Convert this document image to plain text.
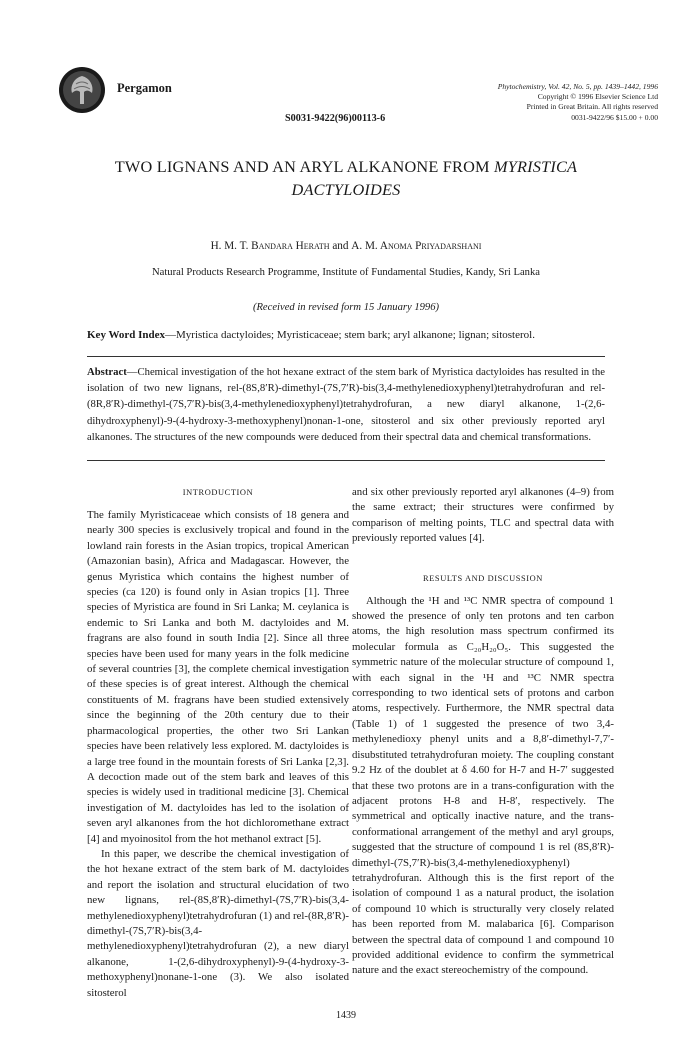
Pergamon	Phytochemistry, Vol. 42, No. 5, pp. 1439–1442, 1996
Copyright © 1996 Elsevier Science Ltd
Printed in Great Britain. All rights reserved
0031-9422/96 $15.00 + 0.00
S0031-9422(96)00113-6
TWO LIGNANS AND AN ARYL ALKANONE FROM MYRISTICA
DACTYLOIDES
H. M. T. Bandara Herath and A. M. Anoma Priyadarshani
Natural Products Research Programme, Institute of Fundamental Studies, Kandy, Sri Lanka
(Received in revised form 15 January 1996)
Key Word Index—Myristica dactyloides; Myristicaceae; stem bark; aryl alkanone; lignan; sitosterol.
Abstract—Chemical investigation of the hot hexane extract of the stem bark of Myristica dactyloides has resulted in the isolation of two new lignans, rel-(8S,8′R)-dimethyl-(7S,7′R)-bis(3,4-methylenedioxyphenyl)tetrahydrofuran and rel-(8R,8′R)-dimethyl-(7S,7′R)-bis(3,4-methylenedioxyphenyl)tetrahydrofuran, a new diaryl alkanone, 1-(2,6-dihydroxyphenyl)-9-(4-hydroxy-3-methoxyphenyl)nonan-1-one, sitosterol and six other previously reported aryl alkanones. The structures of the new compounds were deduced from their spectral data and chemical transformations.
INTRODUCTION

The family Myristicaceae which consists of 18 genera and nearly 300 species is exclusively tropical and found in the lowland rain forests in the Asian tropics, tropical American (Amazonian basin), Africa and Madagascar. However, the genus Myristica which contains the highest number of species (ca 120) is found only in Asian tropics [1]. Three species of Myristica are found in Sri Lanka; M. ceylanica is endemic to Sri Lanka and both M. dactyloides and M. fragrans are also found in south India [2]. Since all three species have been used for many years in the folk medicine of several countries [3], the complete chemical investigation of these species is of great interest. Although the chemical constituents of M. fragrans have been studied extensively since the beginning of the 20th century due to their pharmacological properties, the other two Sri Lankan species have been relatively less explored. M. dactyloides is a large tree found in the mountain forests of Sri Lanka [2,3]. A decoction made out of the stem bark and leaves of this species is widely used in traditional medicine [3]. Chemical investigation of M. dactyloides has led to the isolation of seven aryl alkanones from the hot dichloromethane extract [4] and myoinositol from the hot methanol extract [5].

In this paper, we describe the chemical investigation of the hot hexane extract of the stem bark of M. dactyloides and report the isolation and structural elucidation of two new lignans, rel-(8S,8′R)-dimethyl-(7S,7′R)-bis(3,4-methylenedioxyphenyl)tetrahydrofuran (1) and rel-(8R,8′R)-dimethyl-(7S,7′R)-bis(3,4-methylenedioxyphenyl)tetrahydrofuran (2), a new diaryl alkanone, 1-(2,6-dihydroxyphenyl)-9-(4-hydroxy-3-methoxyphenyl)nonane-1-one (3). We also isolated sitosterol

and six other previously reported aryl alkanones (4–9) from the same extract; their structures were confirmed by comparison of melting points, TLC and spectral data with previously reported values [4].

RESULTS AND DISCUSSION

Although the ¹H and ¹³C NMR spectra of compound 1 showed the presence of only ten protons and ten carbon atoms, the high resolution mass spectrum confirmed its molecular formula as C₂₀H₂₀O₅. This suggested the symmetric nature of the molecular structure of compound 1, with each signal in the ¹H and ¹³C NMR spectra corresponding to two identical sets of protons and carbon atoms, respectively. Furthermore, the NMR spectral data (Table 1) of 1 suggested the presence of two 3,4-methylenedioxy phenyl units and a 8,8′-dimethyl-7,7′-disubstituted tetrahydrofuran moiety. The coupling constant 9.2 Hz of the doublet at δ 4.60 for H-7 and H-7′ suggested that these two protons are in a trans-configuration with the adjacent protons H-8 and H-8′, respectively. The symmetrical and optically inactive nature, and the trans-conformational arrangement of the methyl and aryl groups, suggested that the structure of compound 1 is rel (8S,8′R)-dimethyl-(7S,7′R)-bis(3,4-methylenedioxyphenyl) tetrahydrofuran. Although this is the first report of the isolation of compound 1 as a natural product, the isolation of compound 10 which is structurally very closely related has been reported from M. malabarica [6]. Comparison between the spectral data of compound 1 and compound 10 provided additional evidence to confirm the symmetrical nature and the exact stereochemistry of the compound.

1439
